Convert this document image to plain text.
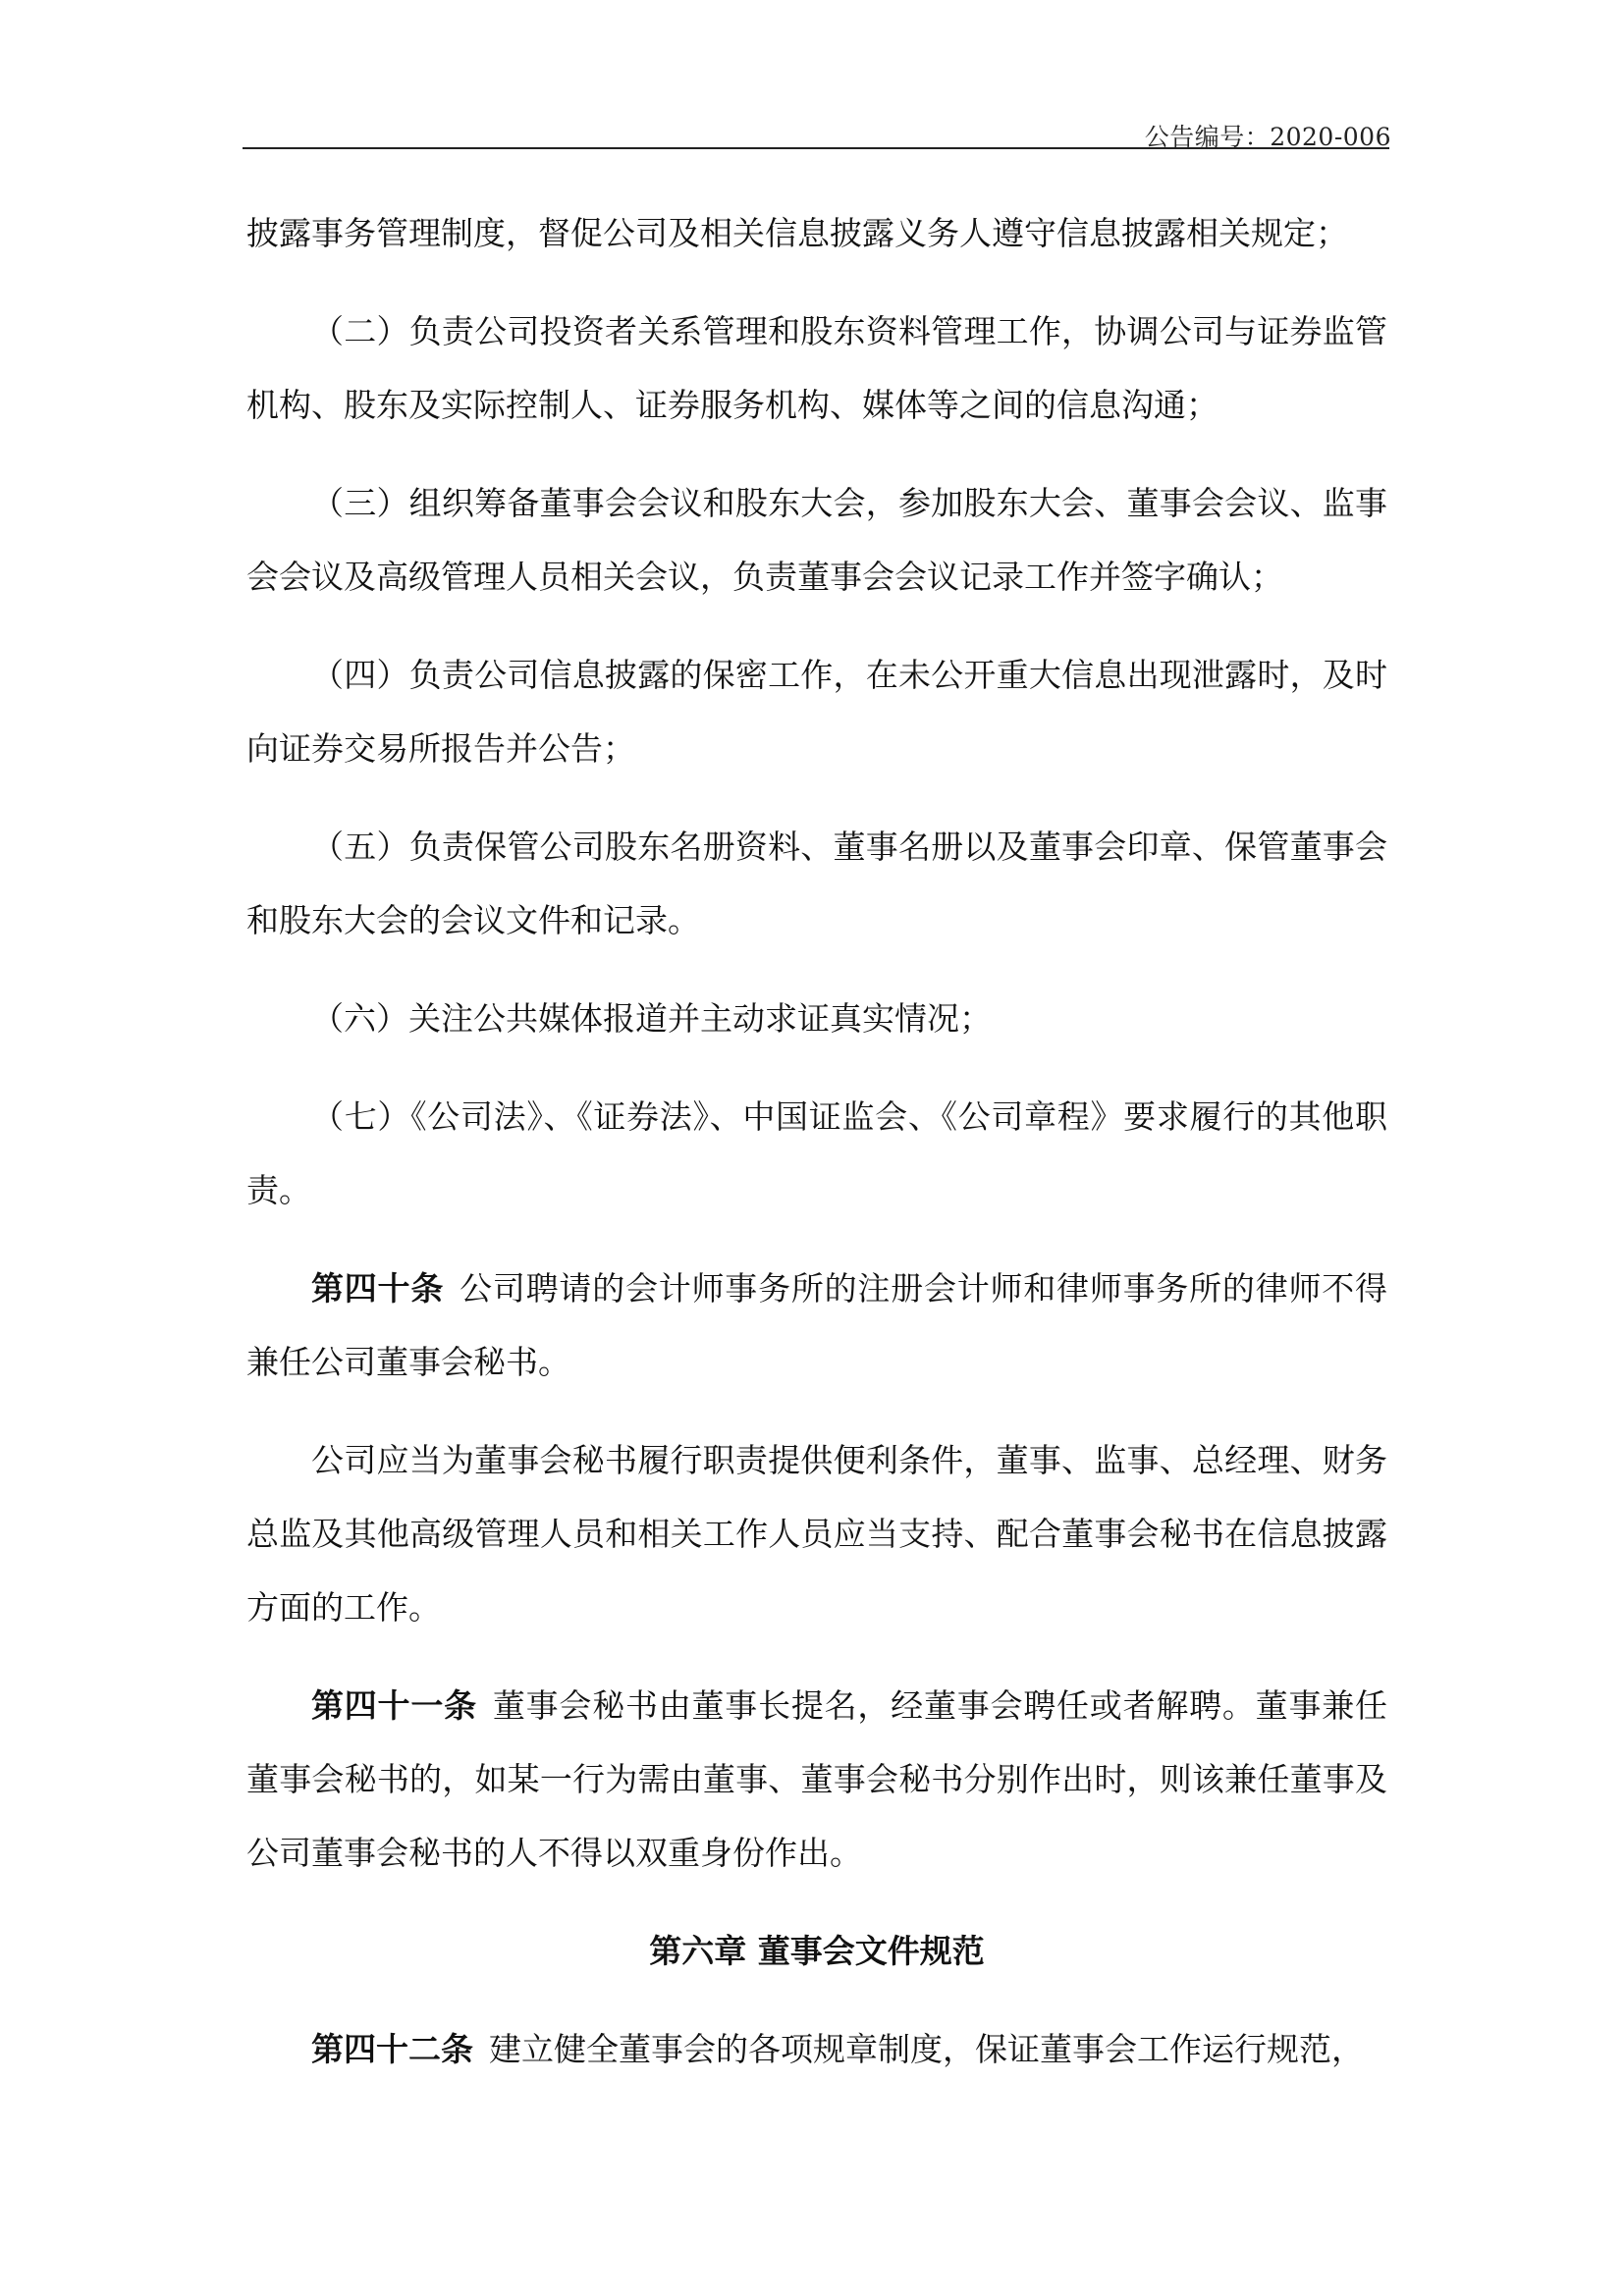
公告编号：2020-006

披露事务管理制度，督促公司及相关信息披露义务人遵守信息披露相关规定；

（二）负责公司投资者关系管理和股东资料管理工作，协调公司与证券监管机构、股东及实际控制人、证券服务机构、媒体等之间的信息沟通；

（三）组织筹备董事会会议和股东大会，参加股东大会、董事会会议、监事会会议及高级管理人员相关会议，负责董事会会议记录工作并签字确认；

（四）负责公司信息披露的保密工作，在未公开重大信息出现泄露时，及时向证券交易所报告并公告；

（五）负责保管公司股东名册资料、董事名册以及董事会印章、保管董事会和股东大会的会议文件和记录。

（六）关注公共媒体报道并主动求证真实情况；

（七）《公司法》、《证券法》、中国证监会、《公司章程》要求履行的其他职责。

第四十条 公司聘请的会计师事务所的注册会计师和律师事务所的律师不得兼任公司董事会秘书。

公司应当为董事会秘书履行职责提供便利条件，董事、监事、总经理、财务总监及其他高级管理人员和相关工作人员应当支持、配合董事会秘书在信息披露方面的工作。

第四十一条 董事会秘书由董事长提名，经董事会聘任或者解聘。董事兼任董事会秘书的，如某一行为需由董事、董事会秘书分别作出时，则该兼任董事及公司董事会秘书的人不得以双重身份作出。

第六章 董事会文件规范

第四十二条 建立健全董事会的各项规章制度，保证董事会工作运行规范，
